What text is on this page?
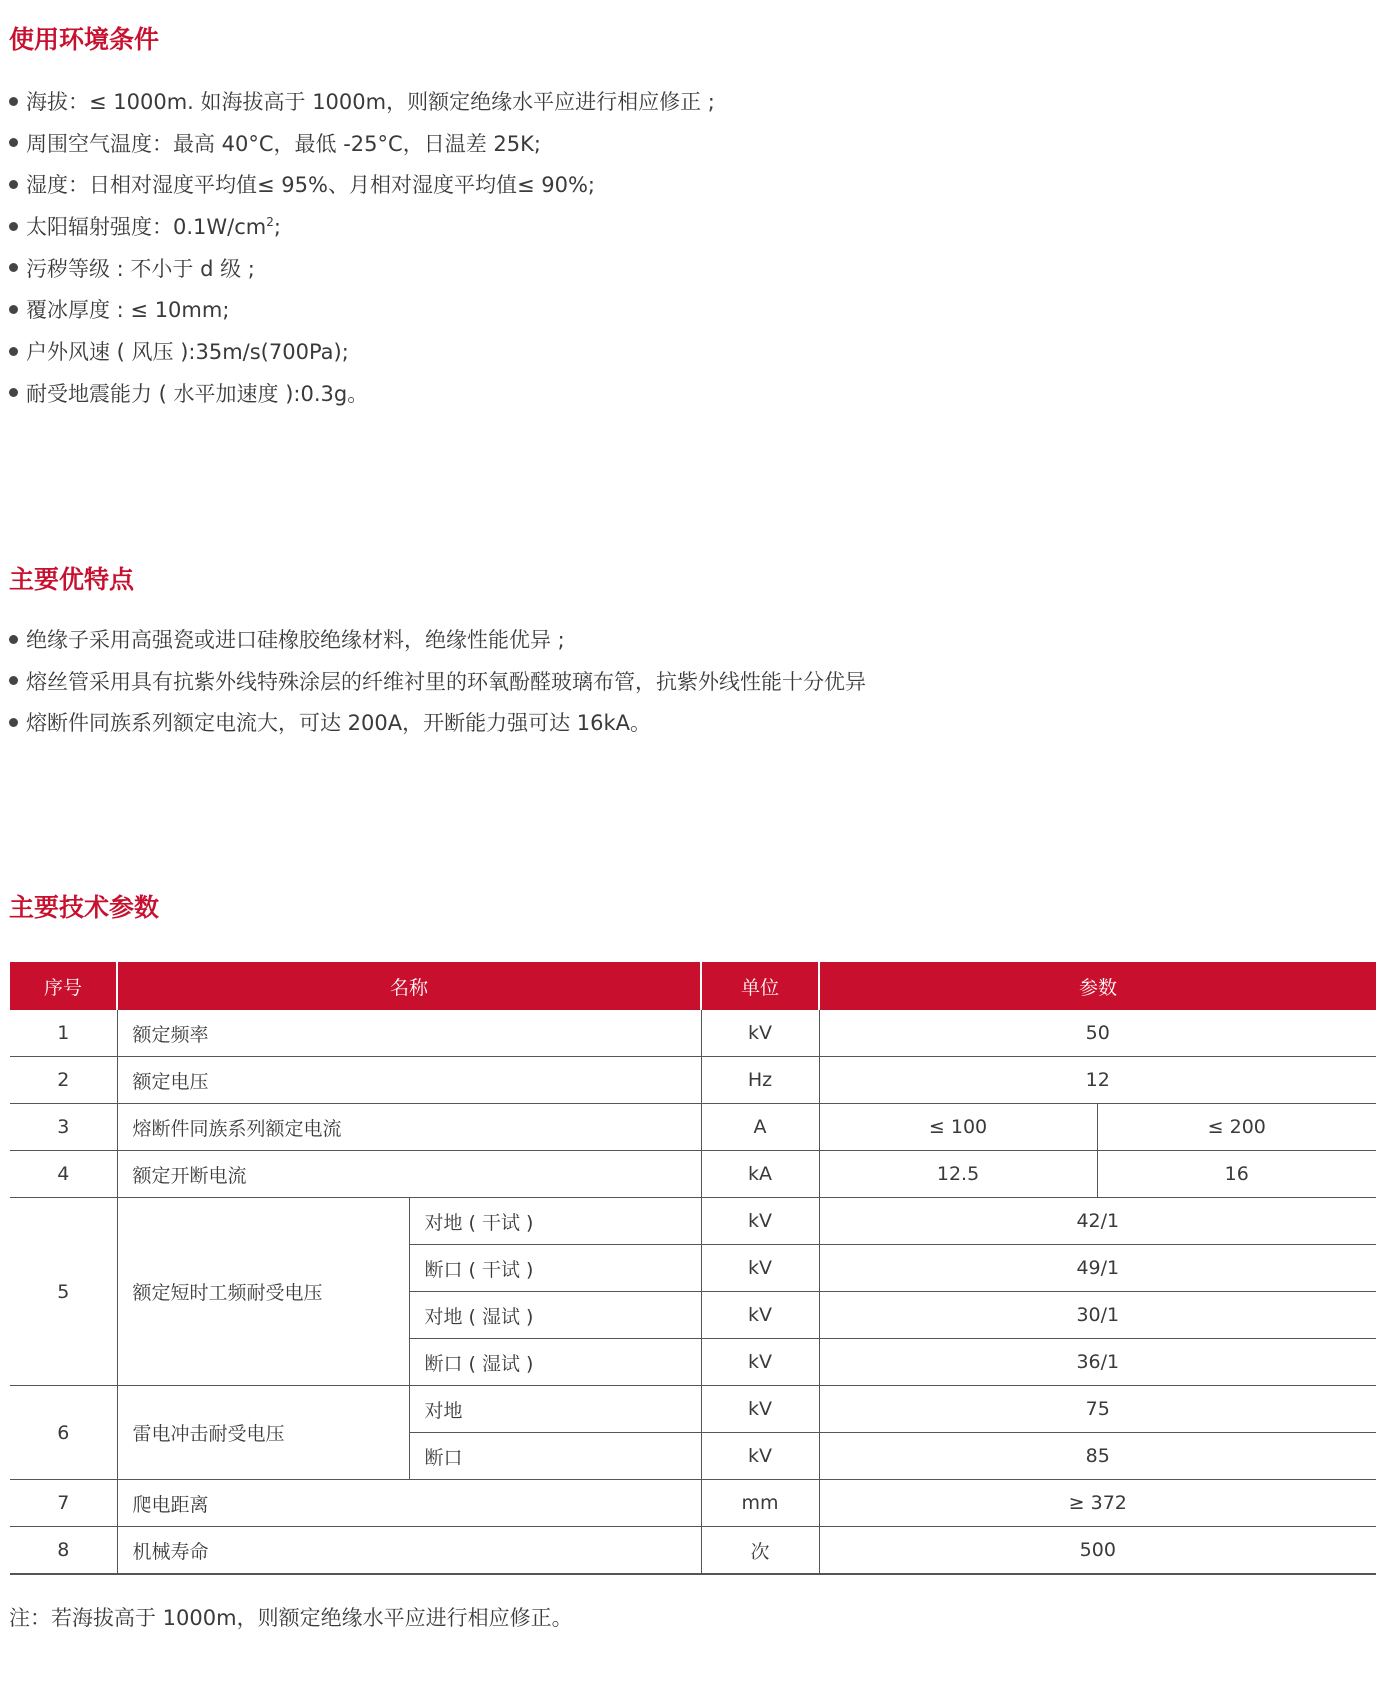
使用环境条件
海拔：≤ 1000m. 如海拔高于 1000m，则额定绝缘水平应进行相应修正 ;
周围空气温度：最高 40°C，最低 -25°C，日温差 25K;
湿度：日相对湿度平均值≤ 95%、月相对湿度平均值≤ 90%;
太阳辐射强度：$0.1W/cm^2$;
污秽等级 : 不小于 d 级 ;
覆冰厚度 : ≤ 10mm;
户外风速 ( 风压 ):35m/s(700Pa);
耐受地震能力 ( 水平加速度 ):0.3g。
主要优特点
绝缘子采用高强瓷或进口硅橡胶绝缘材料，绝缘性能优异 ;
熔丝管采用具有抗紫外线特殊涂层的纤维衬里的环氧酚醛玻璃布管，抗紫外线性能十分优异
熔断件同族系列额定电流大，可达 200A，开断能力强可达 16kA。
主要技术参数
序号	名称		单位	参数	
1	额定频率		kV	50	
2	额定电压		Hz	12	
3	熔断件同族系列额定电流		A	≤ 100	≤ 200
4	额定开断电流		kA	12.5	16
5	额定短时工频耐受电压	对地 ( 干试 )	kV	42/1	
		断口 ( 干试 )	kV	49/1	
		对地 ( 湿试 )	kV	30/1	
		断口 ( 湿试 )	kV	36/1	
6	雷电冲击耐受电压	对地	kV	75	
		断口	kV	85	
7	爬电距离		mm	≥ 372	
8	机械寿命		次	500	

注：若海拔高于 1000m，则额定绝缘水平应进行相应修正。
